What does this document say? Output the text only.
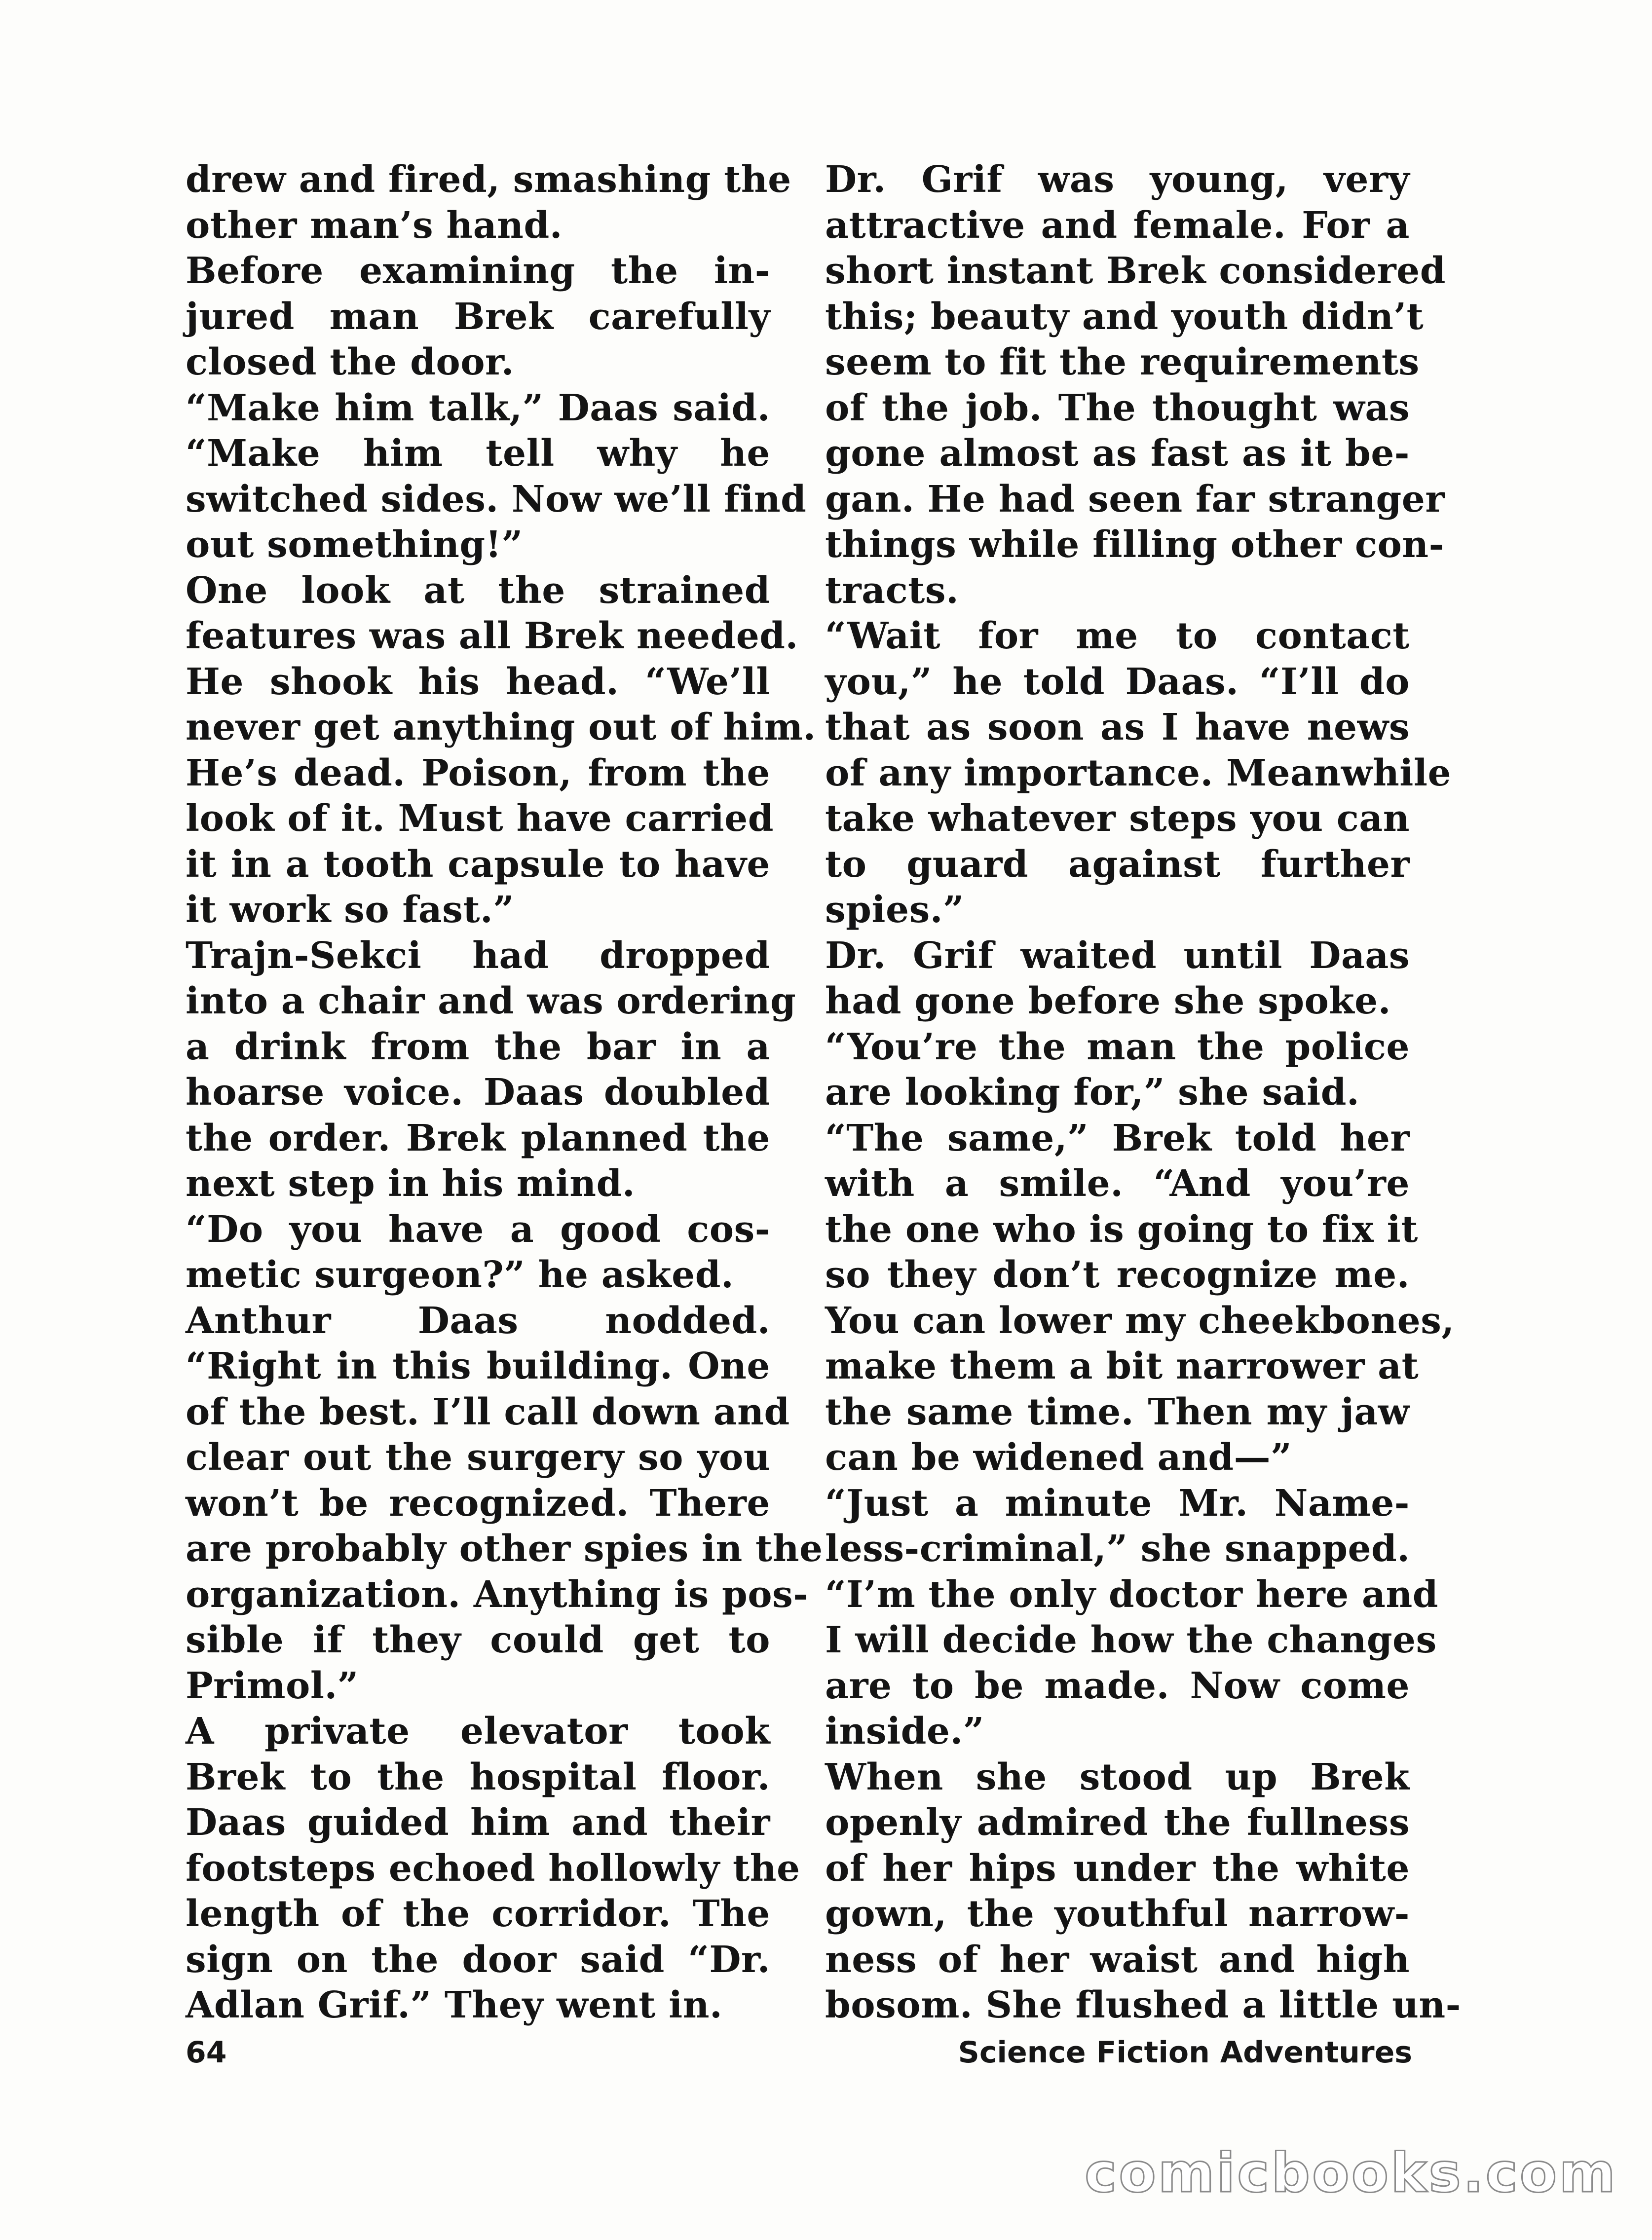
drew and fired, smashing the
other man’s hand.
Before examining the in-
jured man Brek carefully
closed the door.
“Make him talk,” Daas said.
“Make him tell why he
switched sides. Now we’ll find
out something!”
One look at the strained
features was all Brek needed.
He shook his head. “We’ll
never get anything out of him.
He’s dead. Poison, from the
look of it. Must have carried
it in a tooth capsule to have
it work so fast.”
Trajn-Sekci had dropped
into a chair and was ordering
a drink from the bar in a
hoarse voice. Daas doubled
the order. Brek planned the
next step in his mind.
“Do you have a good cos-
metic surgeon?” he asked.
Anthur Daas nodded.
“Right in this building. One
of the best. I’ll call down and
clear out the surgery so you
won’t be recognized. There
are probably other spies in the
organization. Anything is pos-
sible if they could get to
Primol.”
A private elevator took
Brek to the hospital floor.
Daas guided him and their
footsteps echoed hollowly the
length of the corridor. The
sign on the door said “Dr.
Adlan Grif.” They went in.
Dr. Grif was young, very
attractive and female. For a
short instant Brek considered
this; beauty and youth didn’t
seem to fit the requirements
of the job. The thought was
gone almost as fast as it be-
gan. He had seen far stranger
things while filling other con-
tracts.
“Wait for me to contact
you,” he told Daas. “I’ll do
that as soon as I have news
of any importance. Meanwhile
take whatever steps you can
to guard against further
spies.”
Dr. Grif waited until Daas
had gone before she spoke.
“You’re the man the police
are looking for,” she said.
“The same,” Brek told her
with a smile. “And you’re
the one who is going to fix it
so they don’t recognize me.
You can lower my cheekbones,
make them a bit narrower at
the same time. Then my jaw
can be widened and—”
“Just a minute Mr. Name-
less-criminal,” she snapped.
“I’m the only doctor here and
I will decide how the changes
are to be made. Now come
inside.”
When she stood up Brek
openly admired the fullness
of her hips under the white
gown, the youthful narrow-
ness of her waist and high
bosom. She flushed a little un-
64	Science Fiction Adventures
comicbooks.com
